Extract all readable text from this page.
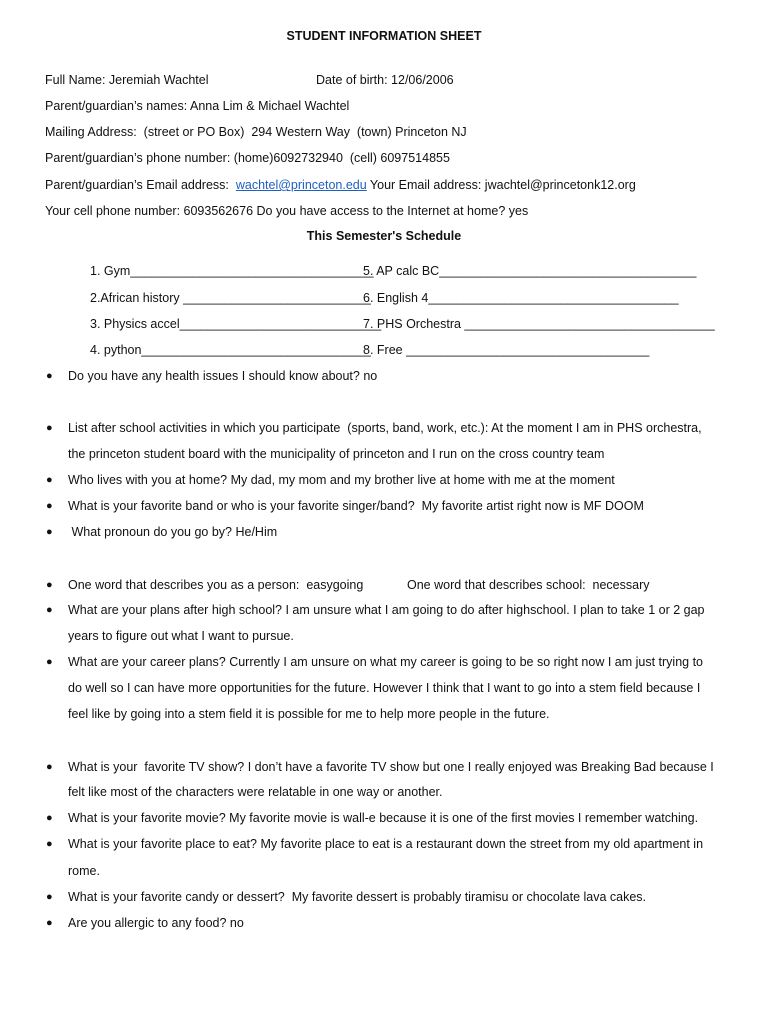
STUDENT INFORMATION SHEET
Full Name: Jeremiah Wachtel	Date of birth: 12/06/2006
Parent/guardian’s names: Anna Lim & Michael Wachtel
Mailing Address:  (street or PO Box)  294 Western Way  (town) Princeton NJ
Parent/guardian’s phone number: (home)6092732940  (cell) 6097514855
Parent/guardian’s Email address:  wachtel@princeton.edu Your Email address: jwachtel@princetonk12.org
Your cell phone number: 6093562676 Do you have access to the Internet at home? yes
This Semester's Schedule
1. Gym___________________________________
5. AP calc BC_____________________________________
2.African history ___________________________
6. English 4____________________________________
3. Physics accel_____________________________
7. PHS Orchestra ____________________________________
4. python_________________________________
8. Free ___________________________________
● Do you have any health issues I should know about? no
● List after school activities in which you participate  (sports, band, work, etc.): At the moment I am in PHS orchestra,
the princeton student board with the municipality of princeton and I run on the cross country team
● Who lives with you at home? My dad, my mom and my brother live at home with me at the moment
● What is your favorite band or who is your favorite singer/band?  My favorite artist right now is MF DOOM
● What pronoun do you go by? He/Him
● One word that describes you as a person:  easygoing	One word that describes school:  necessary
● What are your plans after high school? I am unsure what I am going to do after highschool. I plan to take 1 or 2 gap
years to figure out what I want to pursue.
● What are your career plans? Currently I am unsure on what my career is going to be so right now I am just trying to
do well so I can have more opportunities for the future. However I think that I want to go into a stem field because I
feel like by going into a stem field it is possible for me to help more people in the future.
● What is your  favorite TV show? I don’t have a favorite TV show but one I really enjoyed was Breaking Bad because I
felt like most of the characters were relatable in one way or another.
● What is your favorite movie? My favorite movie is wall-e because it is one of the first movies I remember watching.
● What is your favorite place to eat? My favorite place to eat is a restaurant down the street from my old apartment in
rome.
● What is your favorite candy or dessert?  My favorite dessert is probably tiramisu or chocolate lava cakes.
● Are you allergic to any food? no
